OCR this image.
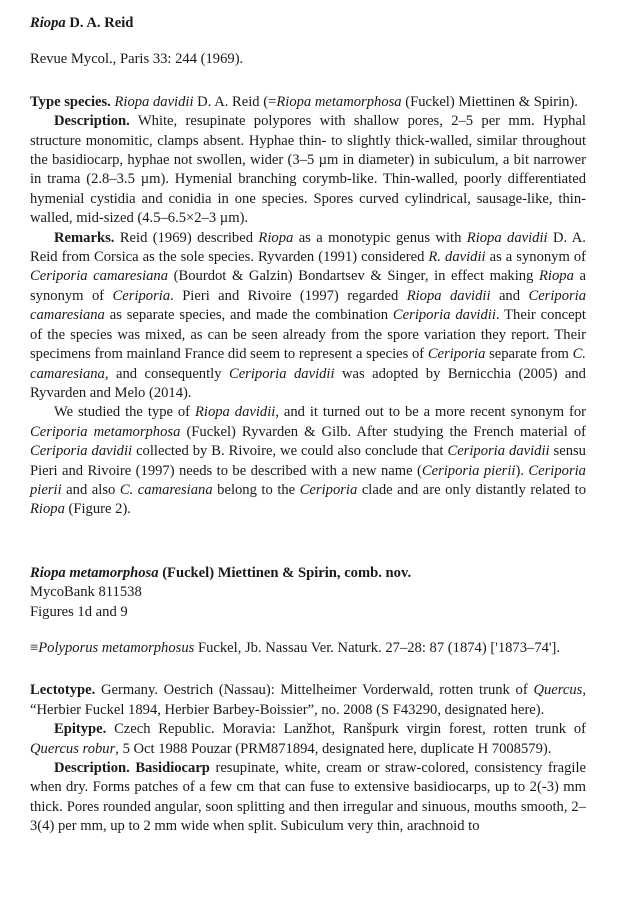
Riopa D. A. Reid

Revue Mycol., Paris 33: 244 (1969).

Type species. Riopa davidii D. A. Reid (=Riopa metamorphosa (Fuckel) Miettinen & Spirin).

Description. White, resupinate polypores with shallow pores, 2–5 per mm. Hyphal structure monomitic, clamps absent. Hyphae thin- to slightly thick-walled, similar throughout the basidiocarp, hyphae not swollen, wider (3–5 µm in diameter) in subiculum, a bit narrower in trama (2.8–3.5 µm). Hymenial branching corymb-like. Thin-walled, poorly differentiated hymenial cystidia and conidia in one species. Spores curved cylindrical, sausage-like, thin-walled, mid-sized (4.5–6.5×2–3 µm).

Remarks. Reid (1969) described Riopa as a monotypic genus with Riopa davidii D. A. Reid from Corsica as the sole species. Ryvarden (1991) considered R. davidii as a synonym of Ceriporia camaresiana (Bourdot & Galzin) Bondartsev & Singer, in effect making Riopa a synonym of Ceriporia. Pieri and Rivoire (1997) regarded Riopa davidii and Ceriporia camaresiana as separate species, and made the combination Ceriporia davidii. Their concept of the species was mixed, as can be seen already from the spore variation they report. Their specimens from mainland France did seem to represent a species of Ceriporia separate from C. camaresiana, and consequently Ceriporia davidii was adopted by Bernicchia (2005) and Ryvarden and Melo (2014).

We studied the type of Riopa davidii, and it turned out to be a more recent synonym for Ceriporia metamorphosa (Fuckel) Ryvarden & Gilb. After studying the French material of Ceriporia davidii collected by B. Rivoire, we could also conclude that Ceriporia davidii sensu Pieri and Rivoire (1997) needs to be described with a new name (Ceriporia pierii). Ceriporia pierii and also C. camaresiana belong to the Ceriporia clade and are only distantly related to Riopa (Figure 2).

Riopa metamorphosa (Fuckel) Miettinen & Spirin, comb. nov.

MycoBank 811538

Figures 1d and 9

≡Polyporus metamorphosus Fuckel, Jb. Nassau Ver. Naturk. 27–28: 87 (1874) ['1873–74'].

Lectotype. Germany. Oestrich (Nassau): Mittelheimer Vorderwald, rotten trunk of Quercus, “Herbier Fuckel 1894, Herbier Barbey-Boissier”, no. 2008 (S F43290, designated here).

Epitype. Czech Republic. Moravia: Lanžhot, Ranšpurk virgin forest, rotten trunk of Quercus robur, 5 Oct 1988 Pouzar (PRM871894, designated here, duplicate H 7008579).

Description. Basidiocarp resupinate, white, cream or straw-colored, consistency fragile when dry. Forms patches of a few cm that can fuse to extensive basidiocarps, up to 2(-3) mm thick. Pores rounded angular, soon splitting and then irregular and sinuous, mouths smooth, 2–3(4) per mm, up to 2 mm wide when split. Subiculum very thin, arachnoid to
